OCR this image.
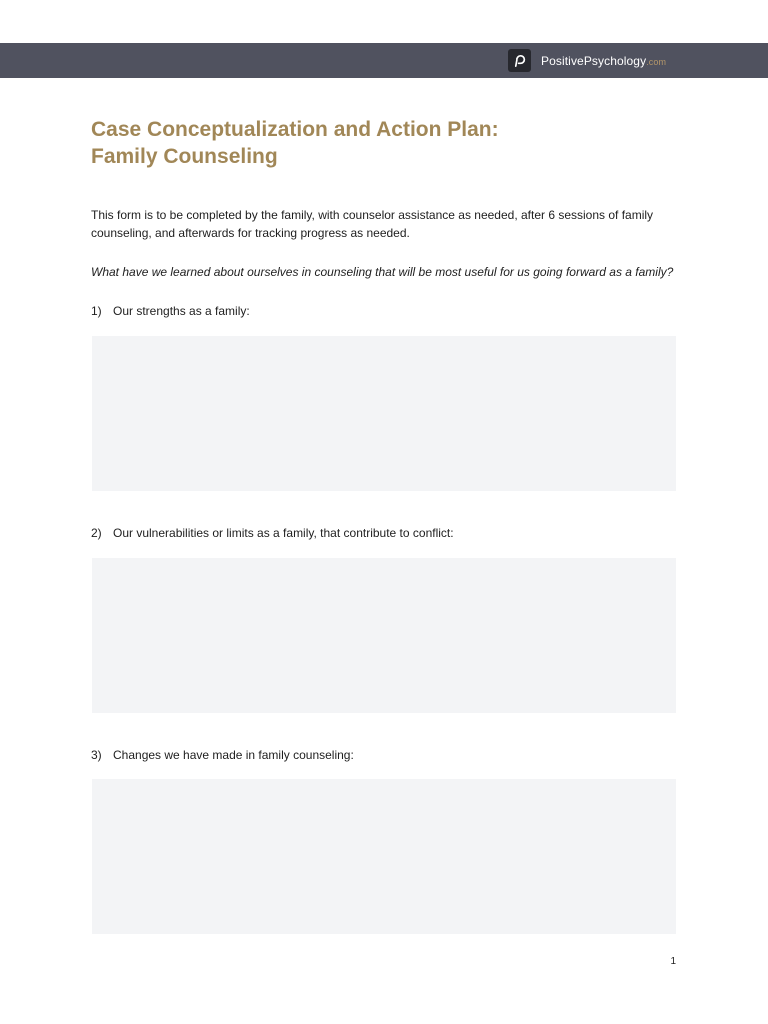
PositivePsychology.com
Case Conceptualization and Action Plan:
Family Counseling

This form is to be completed by the family, with counselor assistance as needed, after 6 sessions of family counseling, and afterwards for tracking progress as needed.

What have we learned about ourselves in counseling that will be most useful for us going forward as a family?

1) Our strengths as a family:

2) Our vulnerabilities or limits as a family, that contribute to conflict:

3) Changes we have made in family counseling:

1
